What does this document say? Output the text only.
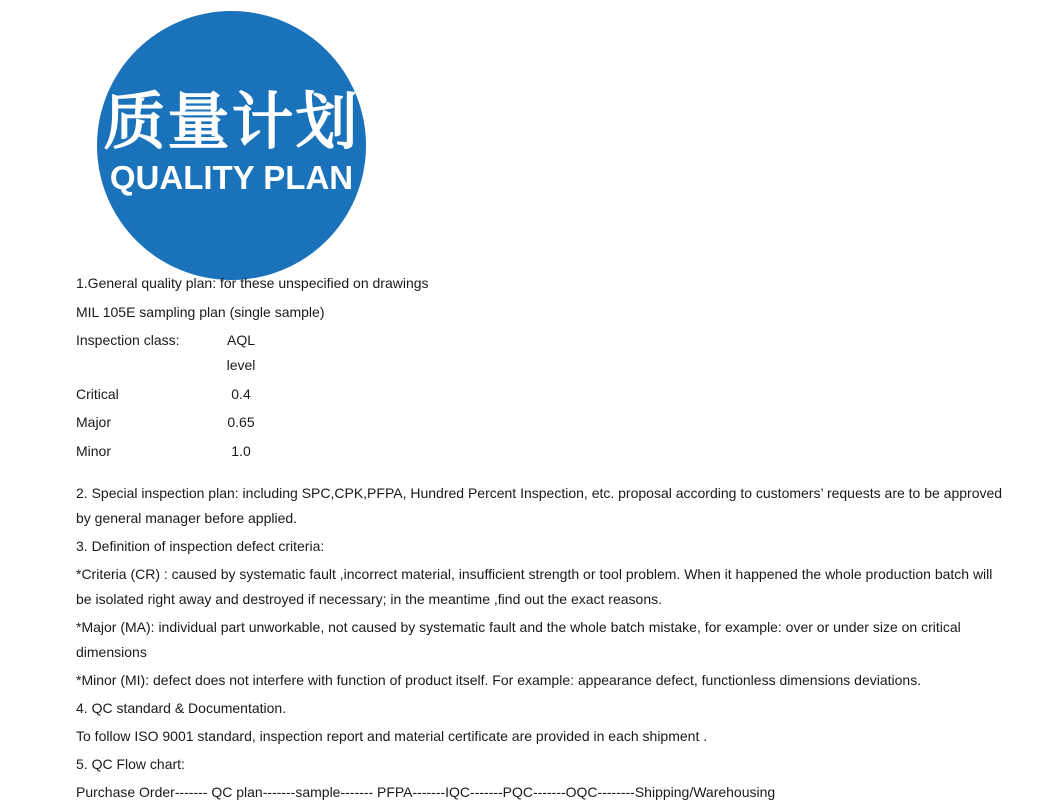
质量计划
QUALITY PLAN

1.General quality plan: for these unspecified on drawings

MIL 105E sampling plan (single sample)

Inspection class:	AQL level
Critical	0.4
Major	0.65
Minor	1.0

2. Special inspection plan: including SPC,CPK,PFPA, Hundred Percent Inspection, etc. proposal according to customers’ requests are to be approved by general manager before applied.

3. Definition of inspection defect criteria:

*Criteria (CR) : caused by systematic fault ,incorrect material, insufficient strength or tool problem. When it happened the whole production batch will be isolated right away and destroyed if necessary; in the meantime ,find out the exact reasons.

*Major (MA): individual part unworkable, not caused by systematic fault and the whole batch mistake, for example: over or under size on critical dimensions

*Minor (MI): defect does not interfere with function of product itself. For example: appearance defect, functionless dimensions deviations.

4. QC standard & Documentation.

To follow ISO 9001 standard, inspection report and material certificate are provided in each shipment .

5. QC Flow chart:

Purchase Order------- QC plan-------sample------- PFPA-------IQC-------PQC-------OQC--------Shipping/Warehousing
